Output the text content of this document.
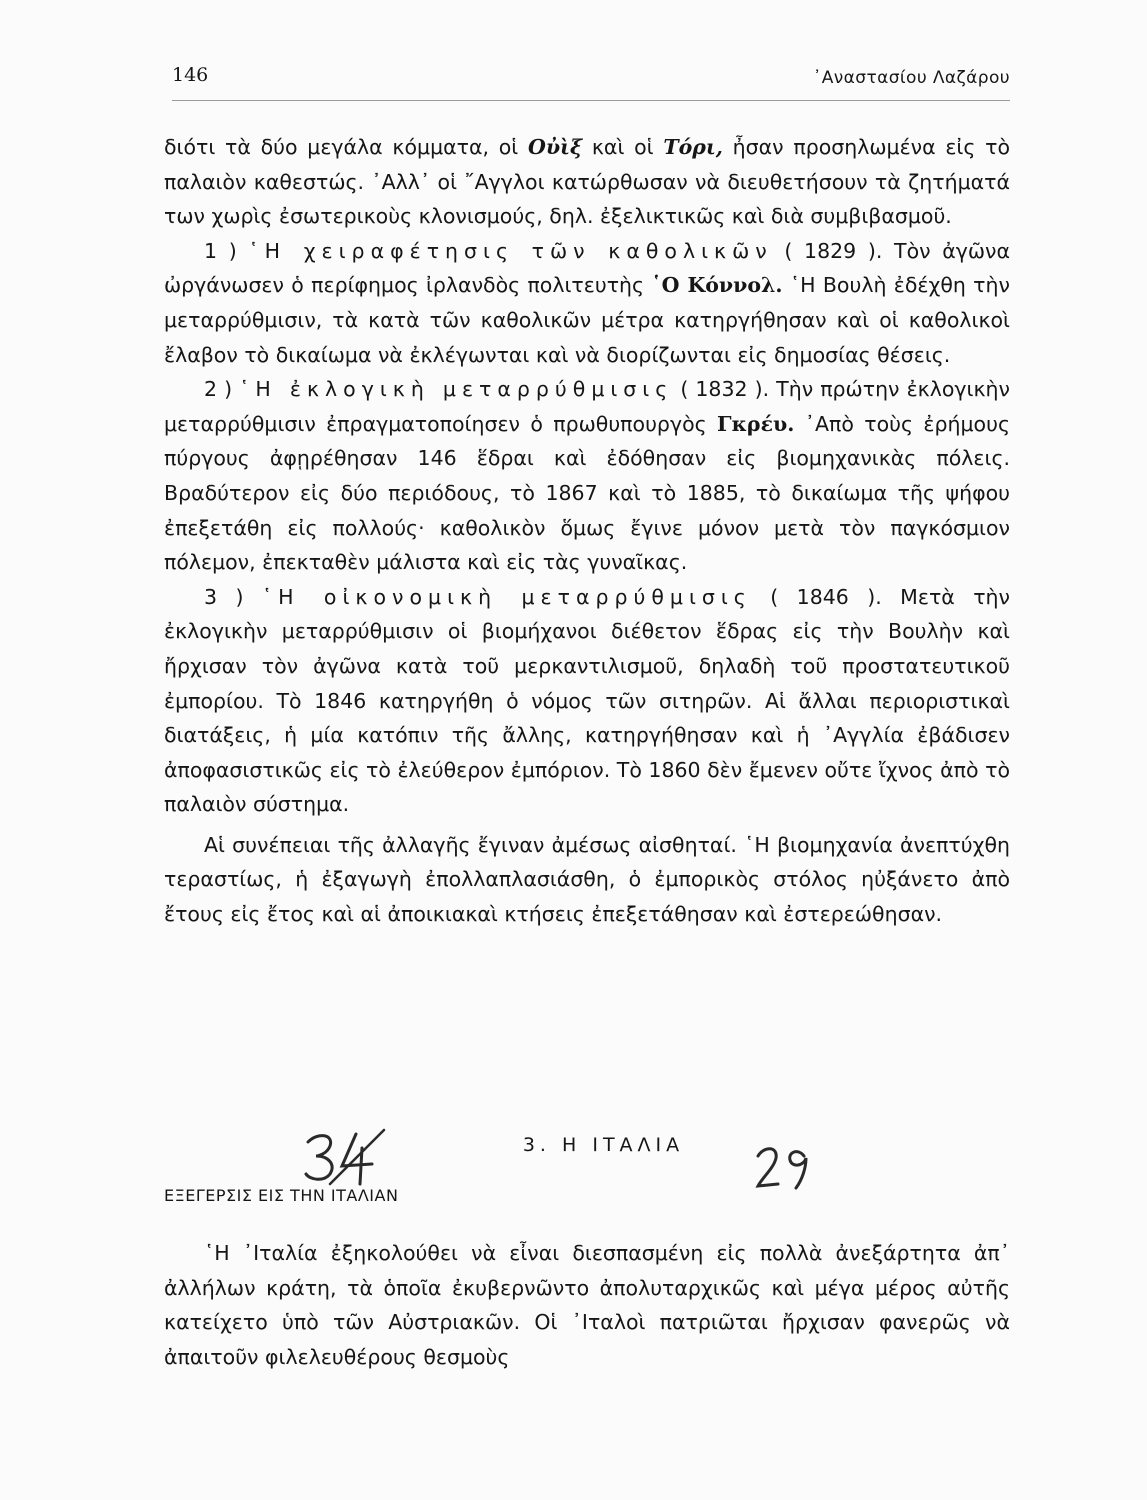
146	᾿Αναστασίου Λαζάρου

διότι τὰ δύο μεγάλα κόμματα, οἱ Οὐὶξ καὶ οἱ Τόρι, ἦσαν προσηλωμένα εἰς τὸ παλαιὸν καθεστώς. ᾿Αλλ᾿ οἱ ῎Αγγλοι κατώρθωσαν νὰ διευθετήσουν τὰ ζητήματά των χωρὶς ἐσωτερικοὺς κλονισμούς, δηλ. ἐξελικτικῶς καὶ διὰ συμβιβασμοῦ.

1 ) ῾Η χειραφέτησις τῶν καθολικῶν ( 1829 ). Τὸν ἀγῶνα ὠργάνωσεν ὁ περίφημος ἰρλανδὸς πολιτευτὴς ῾Ο Κόννολ. ῾Η Βουλὴ ἐδέχθη τὴν μεταρρύθμισιν, τὰ κατὰ τῶν καθολικῶν μέτρα κατηργήθησαν καὶ οἱ καθολικοὶ ἔλαβον τὸ δικαίωμα νὰ ἐκλέγωνται καὶ νὰ διορίζωνται εἰς δημοσίας θέσεις.

2 ) ῾Η ἐκλογικὴ μεταρρύθμισις ( 1832 ). Τὴν πρώτην ἐκλογικὴν μεταρρύθμισιν ἐπραγματοποίησεν ὁ πρωθυπουργὸς Γκρέυ. ᾿Απὸ τοὺς ἐρήμους πύργους ἀφῃρέθησαν 146 ἕδραι καὶ ἐδόθησαν εἰς βιομηχανικὰς πόλεις. Βραδύτερον εἰς δύο περιόδους, τὸ 1867 καὶ τὸ 1885, τὸ δικαίωμα τῆς ψήφου ἐπεξετάθη εἰς πολλούς· καθολικὸν ὅμως ἔγινε μόνον μετὰ τὸν παγκόσμιον πόλεμον, ἐπεκταθὲν μάλιστα καὶ εἰς τὰς γυναῖκας.

3 ) ῾Η οἰκονομικὴ μεταρρύθμισις ( 1846 ). Μετὰ τὴν ἐκλογικὴν μεταρρύθμισιν οἱ βιομήχανοι διέθετον ἕδρας εἰς τὴν Βουλὴν καὶ ἤρχισαν τὸν ἀγῶνα κατὰ τοῦ μερκαντιλισμοῦ, δηλαδὴ τοῦ προστατευτικοῦ ἐμπορίου. Τὸ 1846 κατηργήθη ὁ νόμος τῶν σιτηρῶν. Αἱ ἄλλαι περιοριστικαὶ διατάξεις, ἡ μία κατόπιν τῆς ἄλλης, κατηργήθησαν καὶ ἡ ᾿Αγγλία ἐβάδισεν ἀποφασιστικῶς εἰς τὸ ἐλεύθερον ἐμπόριον. Τὸ 1860 δὲν ἔμενεν οὔτε ἴχνος ἀπὸ τὸ παλαιὸν σύστημα.

Αἱ συνέπειαι τῆς ἀλλαγῆς ἔγιναν ἀμέσως αἰσθηταί. ῾Η βιομηχανία ἀνεπτύχθη τεραστίως, ἡ ἐξαγωγὴ ἐπολλαπλασιάσθη, ὁ ἐμπορικὸς στόλος ηὐξάνετο ἀπὸ ἔτους εἰς ἔτος καὶ αἱ ἀποικιακαὶ κτήσεις ἐπεξετάθησαν καὶ ἐστερεώθησαν.

3. Η ΙΤΑΛΙΑ
ΕΞΕΓΕΡΣΙΣ ΕΙΣ ΤΗΝ ΙΤΑΛΙΑΝ

῾Η ᾿Ιταλία ἐξηκολούθει νὰ εἶναι διεσπασμένη εἰς πολλὰ ἀνεξάρτητα ἀπ᾿ ἀλλήλων κράτη, τὰ ὁποῖα ἐκυβερνῶντο ἀπολυταρχικῶς καὶ μέγα μέρος αὐτῆς κατείχετο ὑπὸ τῶν Αὐστριακῶν. Οἱ ᾿Ιταλοὶ πατριῶται ἤρχισαν φανερῶς νὰ ἀπαιτοῦν φιλελευθέρους θεσμοὺς
